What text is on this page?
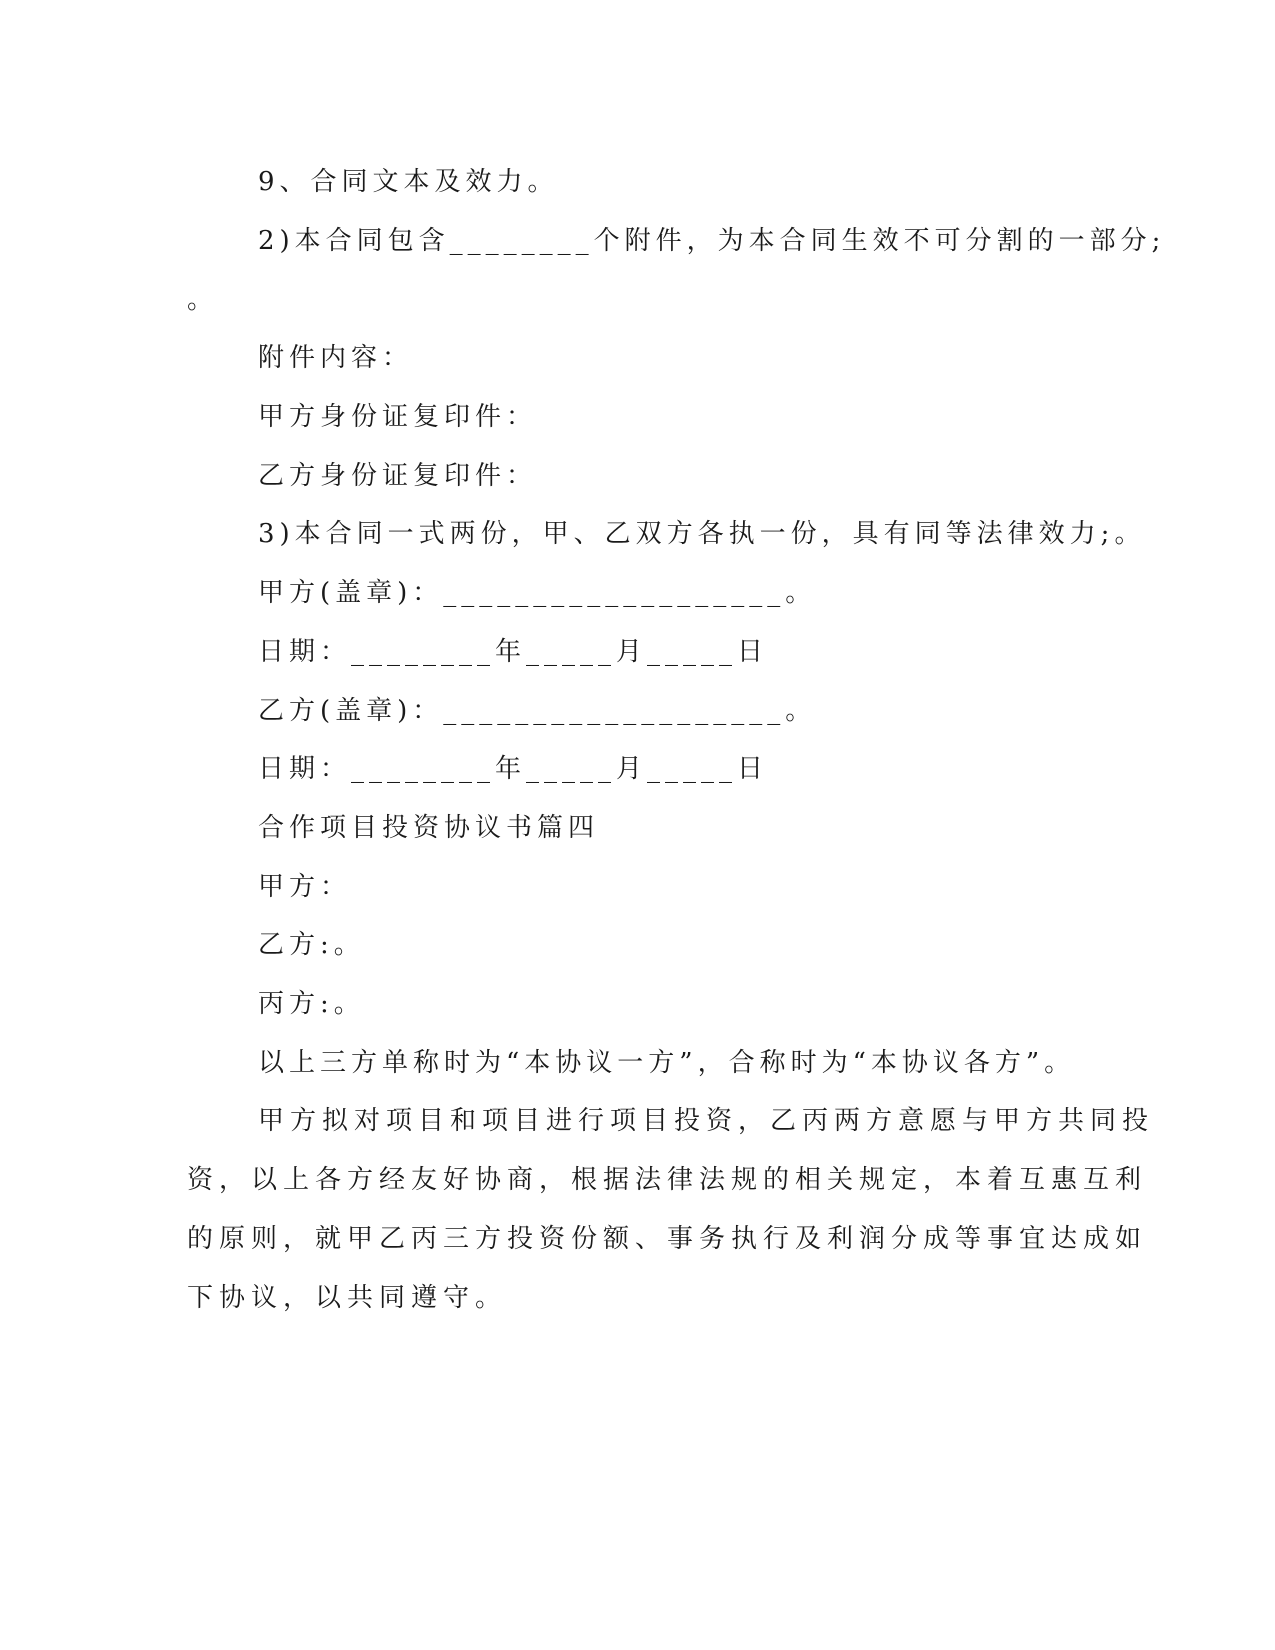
9、合同文本及效力。
2)本合同包含________个附件，为本合同生效不可分割的一部分;
。
附件内容：
甲方身份证复印件：
乙方身份证复印件：
3)本合同一式两份，甲、乙双方各执一份，具有同等法律效力;。
甲方(盖章)：___________________。
日期：________年_____月_____日
乙方(盖章)：___________________。
日期：________年_____月_____日
合作项目投资协议书篇四
甲方：
乙方:。
丙方:。
以上三方单称时为“本协议一方”，合称时为“本协议各方”。
甲方拟对项目和项目进行项目投资，乙丙两方意愿与甲方共同投
资，以上各方经友好协商，根据法律法规的相关规定，本着互惠互利
的原则，就甲乙丙三方投资份额、事务执行及利润分成等事宜达成如
下协议，以共同遵守。
